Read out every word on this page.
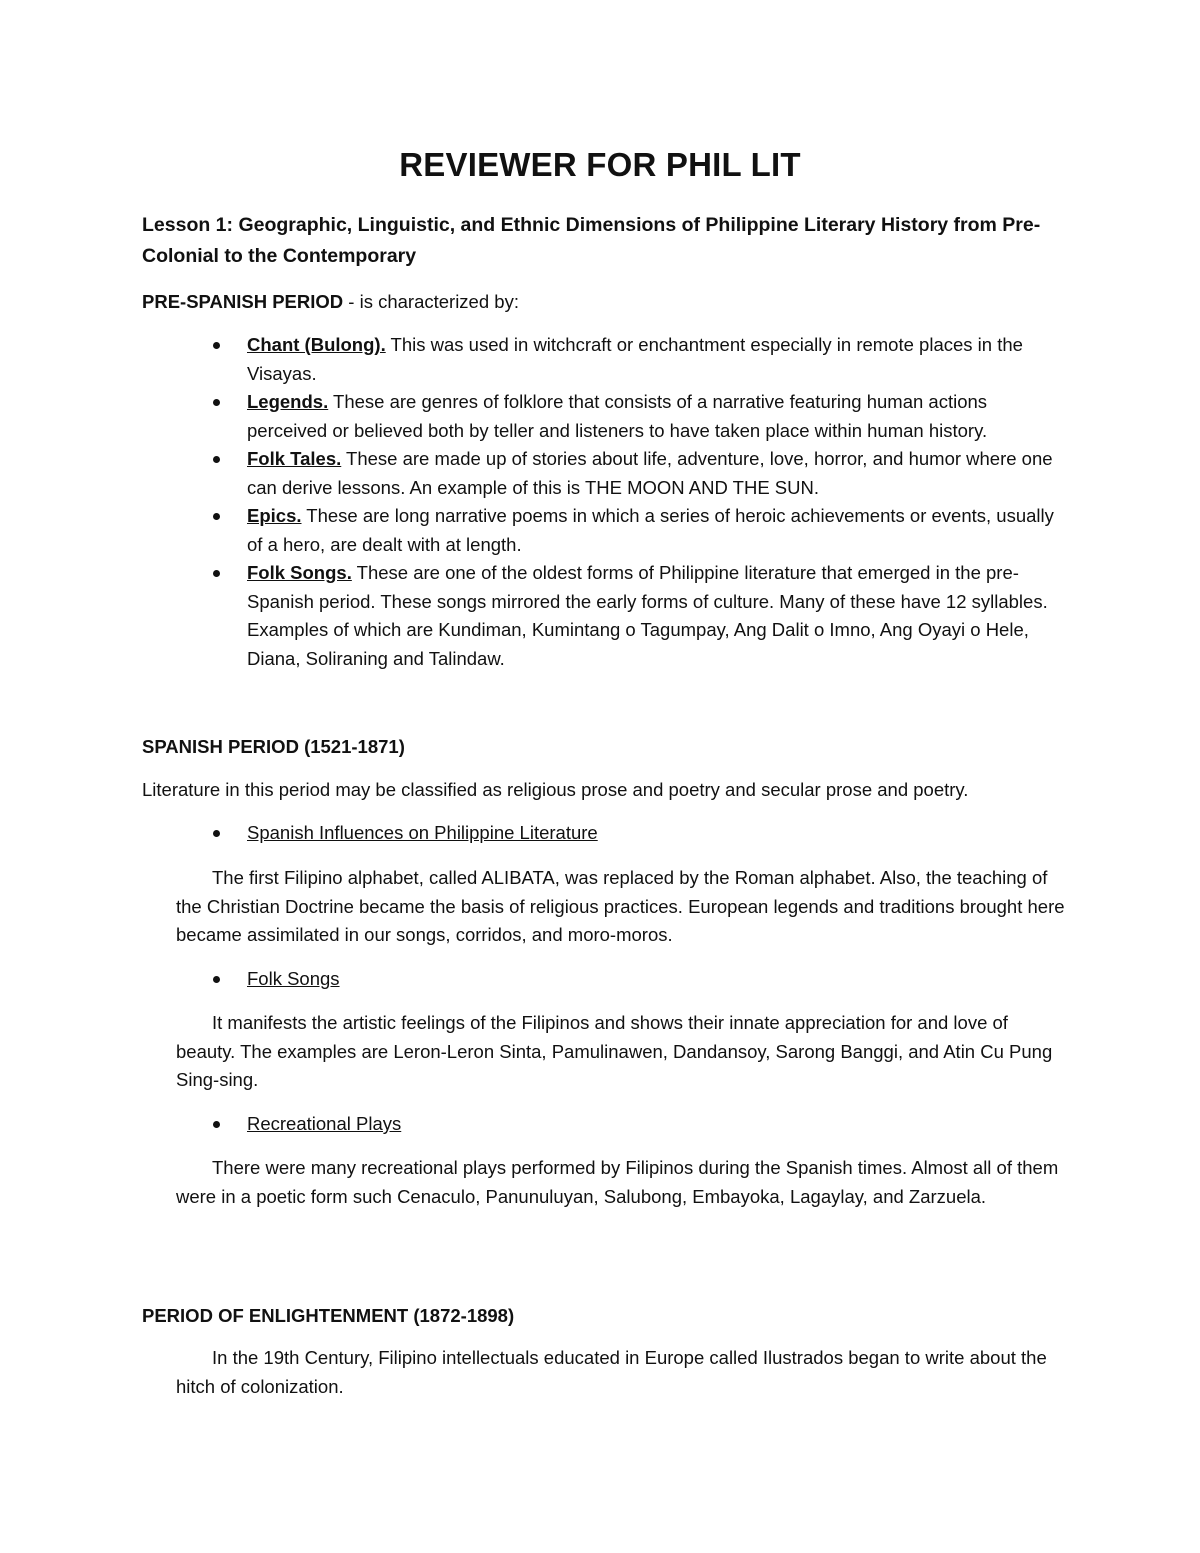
REVIEWER FOR PHIL LIT

Lesson 1: Geographic, Linguistic, and Ethnic Dimensions of Philippine Literary History from Pre-Colonial to the Contemporary

PRE-SPANISH PERIOD - is characterized by:

Chant (Bulong). This was used in witchcraft or enchantment especially in remote places in the Visayas.
Legends. These are genres of folklore that consists of a narrative featuring human actions perceived or believed both by teller and listeners to have taken place within human history.
Folk Tales. These are made up of stories about life, adventure, love, horror, and humor where one can derive lessons. An example of this is THE MOON AND THE SUN.
Epics. These are long narrative poems in which a series of heroic achievements or events, usually of a hero, are dealt with at length.
Folk Songs. These are one of the oldest forms of Philippine literature that emerged in the pre-Spanish period. These songs mirrored the early forms of culture. Many of these have 12 syllables. Examples of which are Kundiman, Kumintang o Tagumpay, Ang Dalit o Imno, Ang Oyayi o Hele, Diana, Soliraning and Talindaw.

SPANISH PERIOD (1521-1871)

Literature in this period may be classified as religious prose and poetry and secular prose and poetry.

Spanish Influences on Philippine Literature

The first Filipino alphabet, called ALIBATA, was replaced by the Roman alphabet. Also, the teaching of the Christian Doctrine became the basis of religious practices. European legends and traditions brought here became assimilated in our songs, corridos, and moro-moros.

Folk Songs

It manifests the artistic feelings of the Filipinos and shows their innate appreciation for and love of beauty. The examples are Leron-Leron Sinta, Pamulinawen, Dandansoy, Sarong Banggi, and Atin Cu Pung Sing-sing.

Recreational Plays

There were many recreational plays performed by Filipinos during the Spanish times. Almost all of them were in a poetic form such Cenaculo, Panunuluyan, Salubong, Embayoka, Lagaylay, and Zarzuela.

PERIOD OF ENLIGHTENMENT (1872-1898)

In the 19th Century, Filipino intellectuals educated in Europe called Ilustrados began to write about the hitch of colonization.
